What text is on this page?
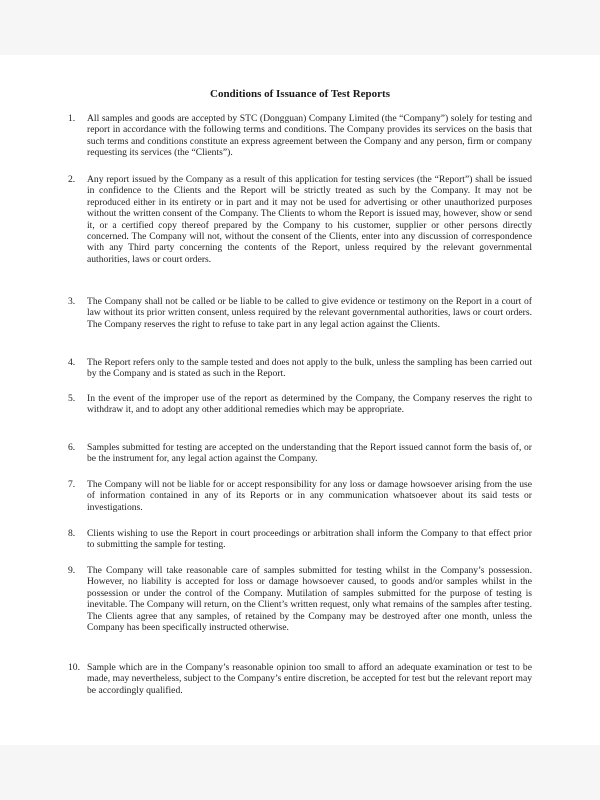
Conditions of Issuance of Test Reports
1.	All samples and goods are accepted by STC (Dongguan) Company Limited (the “Company”) solely for testing and report in accordance with the following terms and conditions. The Company provides its services on the basis that such terms and conditions constitute an express agreement between the Company and any person, firm or company requesting its services (the “Clients”).
2.	Any report issued by the Company as a result of this application for testing services (the “Report”) shall be issued in confidence to the Clients and the Report will be strictly treated as such by the Company. It may not be reproduced either in its entirety or in part and it may not be used for advertising or other unauthorized purposes without the written consent of the Company. The Clients to whom the Report is issued may, however, show or send it, or a certified copy thereof prepared by the Company to his customer, supplier or other persons directly concerned. The Company will not, without the consent of the Clients, enter into any discussion of correspondence with any Third party concerning the contents of the Report, unless required by the relevant governmental authorities, laws or court orders.
3.	The Company shall not be called or be liable to be called to give evidence or testimony on the Report in a court of law without its prior written consent, unless required by the relevant governmental authorities, laws or court orders. The Company reserves the right to refuse to take part in any legal action against the Clients.
4.	The Report refers only to the sample tested and does not apply to the bulk, unless the sampling has been carried out by the Company and is stated as such in the Report.
5.	In the event of the improper use of the report as determined by the Company, the Company reserves the right to withdraw it, and to adopt any other additional remedies which may be appropriate.
6.	Samples submitted for testing are accepted on the understanding that the Report issued cannot form the basis of, or be the instrument for, any legal action against the Company.
7.	The Company will not be liable for or accept responsibility for any loss or damage howsoever arising from the use of information contained in any of its Reports or in any communication whatsoever about its said tests or investigations.
8.	Clients wishing to use the Report in court proceedings or arbitration shall inform the Company to that effect prior to submitting the sample for testing.
9.	The Company will take reasonable care of samples submitted for testing whilst in the Company’s possession. However, no liability is accepted for loss or damage howsoever caused, to goods and/or samples whilst in the possession or under the control of the Company. Mutilation of samples submitted for the purpose of testing is inevitable. The Company will return, on the Client’s written request, only what remains of the samples after testing. The Clients agree that any samples, of retained by the Company may be destroyed after one month, unless the Company has been specifically instructed otherwise.
10. Sample which are in the Company’s reasonable opinion too small to afford an adequate examination or test to be made, may nevertheless, subject to the Company’s entire discretion, be accepted for test but the relevant report may be accordingly qualified.
